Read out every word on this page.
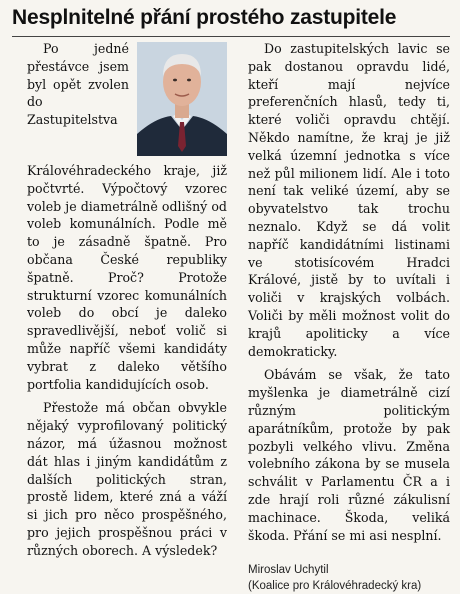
Nesplnitelné přání prostého zastupitele

Po jedné přestávce jsem byl opět zvolen do Zastupitelstva Královéhradeckého kraje, již počtvrté. Výpočtový vzorec voleb je diametrálně odlišný od voleb komunálních. Podle mě to je zásadně špatně. Pro občana České republiky špatně. Proč? Protože strukturní vzorec komunálních voleb do obcí je daleko spravedlivější, neboť volič si může napříč všemi kandidáty vybrat z daleko většího portfolia kandidujících osob.

Přestože má občan obvykle nějaký vyprofilovaný politický názor, má úžasnou možnost dát hlas i jiným kandidátům z dalších politických stran, prostě lidem, které zná a váží si jich pro něco prospěšného, pro jejich prospěšnou práci v různých oborech. A výsledek?

Do zastupitelských lavic se pak dostanou opravdu lidé, kteří mají nejvíce preferenčních hlasů, tedy ti, které voliči opravdu chtějí. Někdo namítne, že kraj je již velká územní jednotka s více než půl milionem lidí. Ale i toto není tak veliké území, aby se obyvatelstvo tak trochu neznalo. Když se dá volit napříč kandidátními listinami ve stotisícovém Hradci Králové, jistě by to uvítali i voliči v krajských volbách. Voliči by měli možnost volit do krajů apoliticky a více demokraticky.

Obávám se však, že tato myšlenka je diametrálně cizí různým politickým aparátníkům, protože by pak pozbyli velkého vlivu. Změna volebního zákona by se musela schválit v Parlamentu ČR a i zde hrají roli různé zákulisní machinace. Škoda, veliká škoda. Přání se mi asi nesplní.

Miroslav Uchytil
(Koalice pro Královéhradecký kra)
